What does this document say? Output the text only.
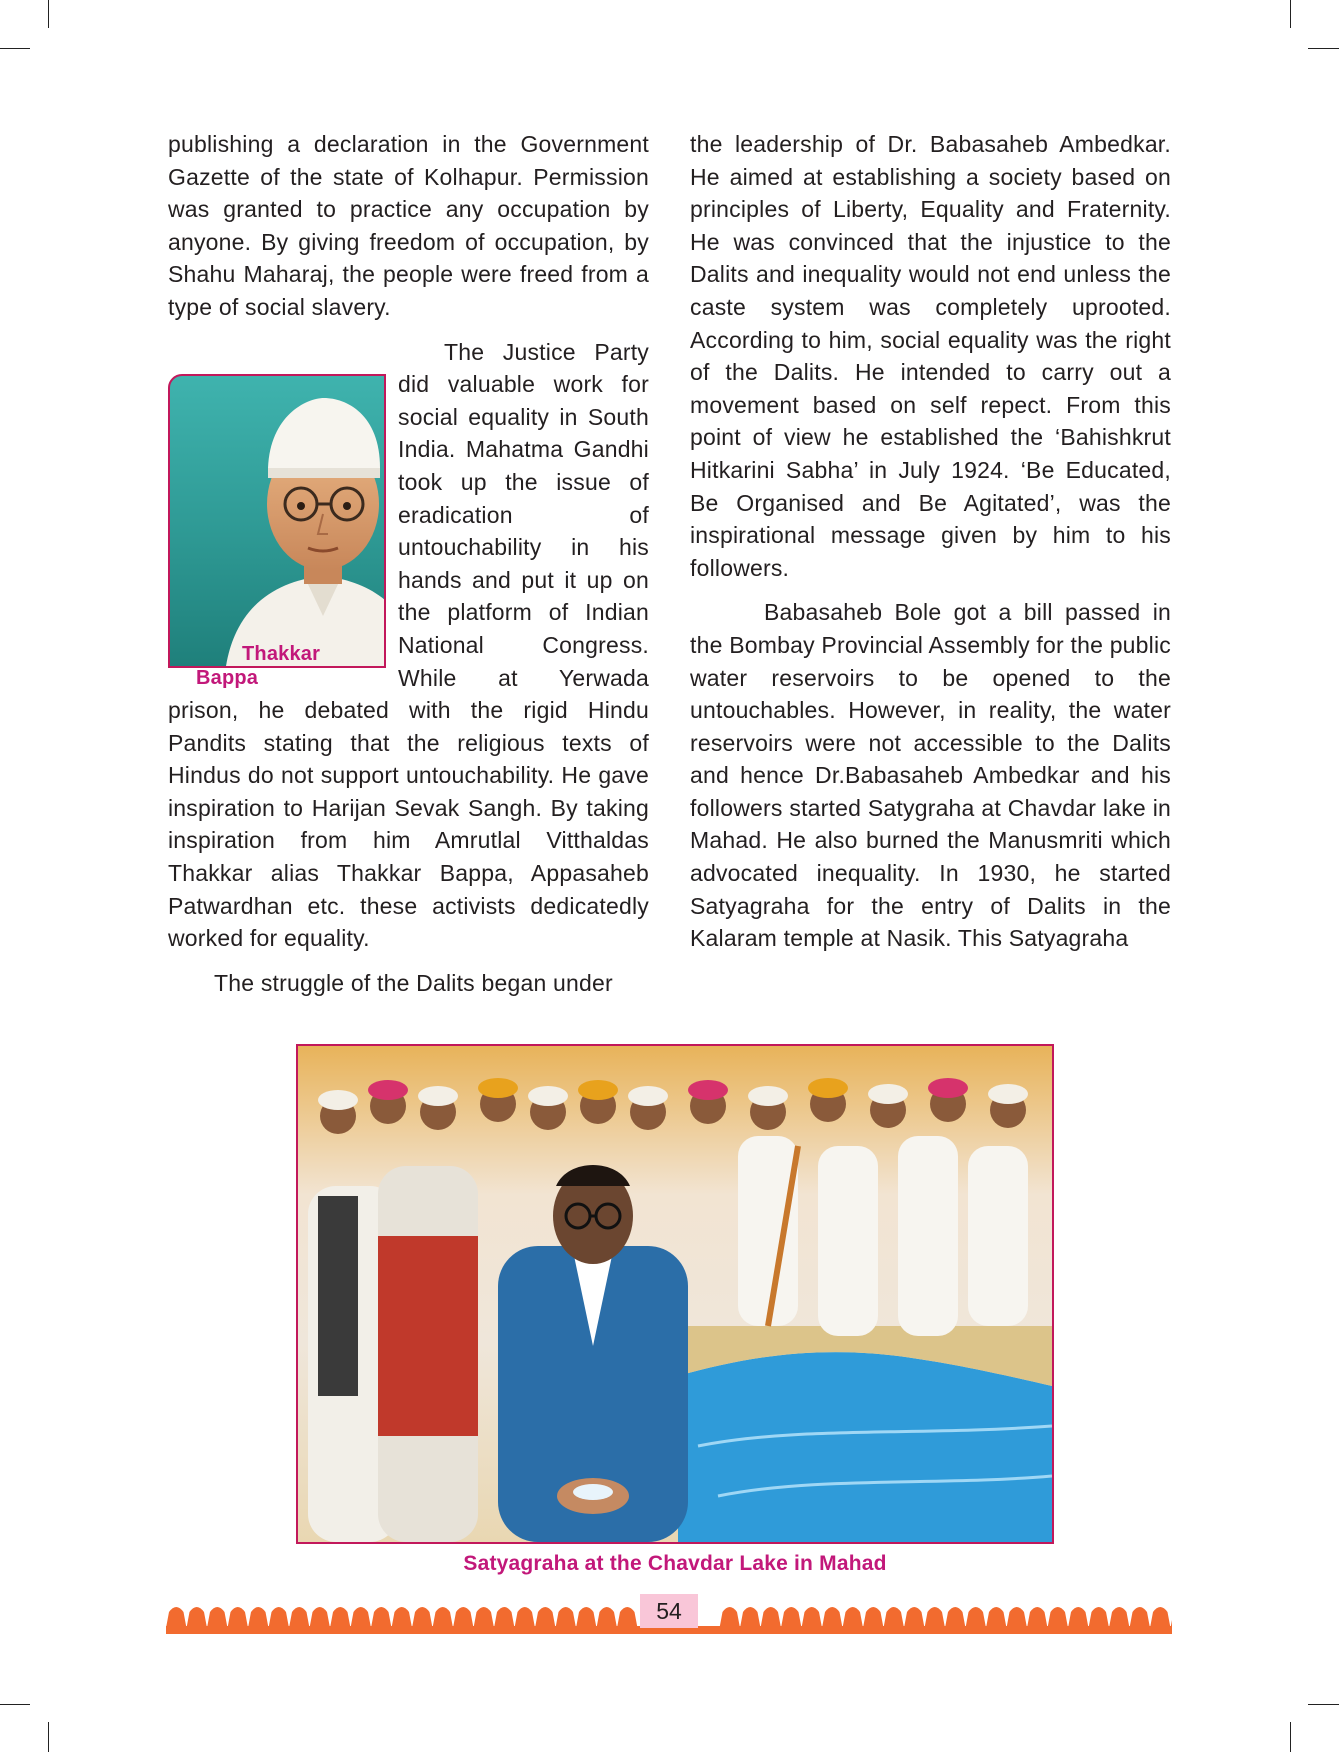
publishing a declaration in the Government Gazette of the state of Kolhapur. Permission was granted to practice any occupation by anyone. By giving freedom of occupation, by Shahu Maharaj, the people were freed from a type of social slavery.

Thakkar Bappa
The Justice Party did valuable work for social equality in South India. Mahatma Gandhi took up the issue of eradication of untouchability in his hands and put it up on the platform of Indian National Congress. While at Yerwada prison, he debated with the rigid Hindu Pandits stating that the religious texts of Hindus do not support untouchability. He gave inspiration to Harijan Sevak Sangh. By taking inspiration from him Amrutlal Vitthaldas Thakkar alias Thakkar Bappa, Appasaheb Patwardhan etc. these activists dedicatedly worked for equality.

The struggle of the Dalits began under

the leadership of Dr. Babasaheb Ambedkar. He aimed at establishing a society based on principles of Liberty, Equality and Fraternity. He was convinced that the injustice to the Dalits and inequality would not end unless the caste system was completely uprooted. According to him, social equality was the right of the Dalits. He intended to carry out a movement based on self repect. From this point of view he established the ‘Bahishkrut Hitkarini Sabha’ in July 1924. ‘Be Educated, Be Organised and Be Agitated’, was the inspirational message given by him to his followers.

Babasaheb Bole got a bill passed in the Bombay Provincial Assembly for the public water reservoirs to be opened to the untouchables. However, in reality, the water reservoirs were not accessible to the Dalits and hence Dr.Babasaheb Ambedkar and his followers started Satygraha at Chavdar lake in Mahad. He also burned the Manusmriti which advocated inequality. In 1930, he started Satyagraha for the entry of Dalits in the Kalaram temple at Nasik. This Satyagraha

Satyagraha at the Chavdar Lake in Mahad

54
